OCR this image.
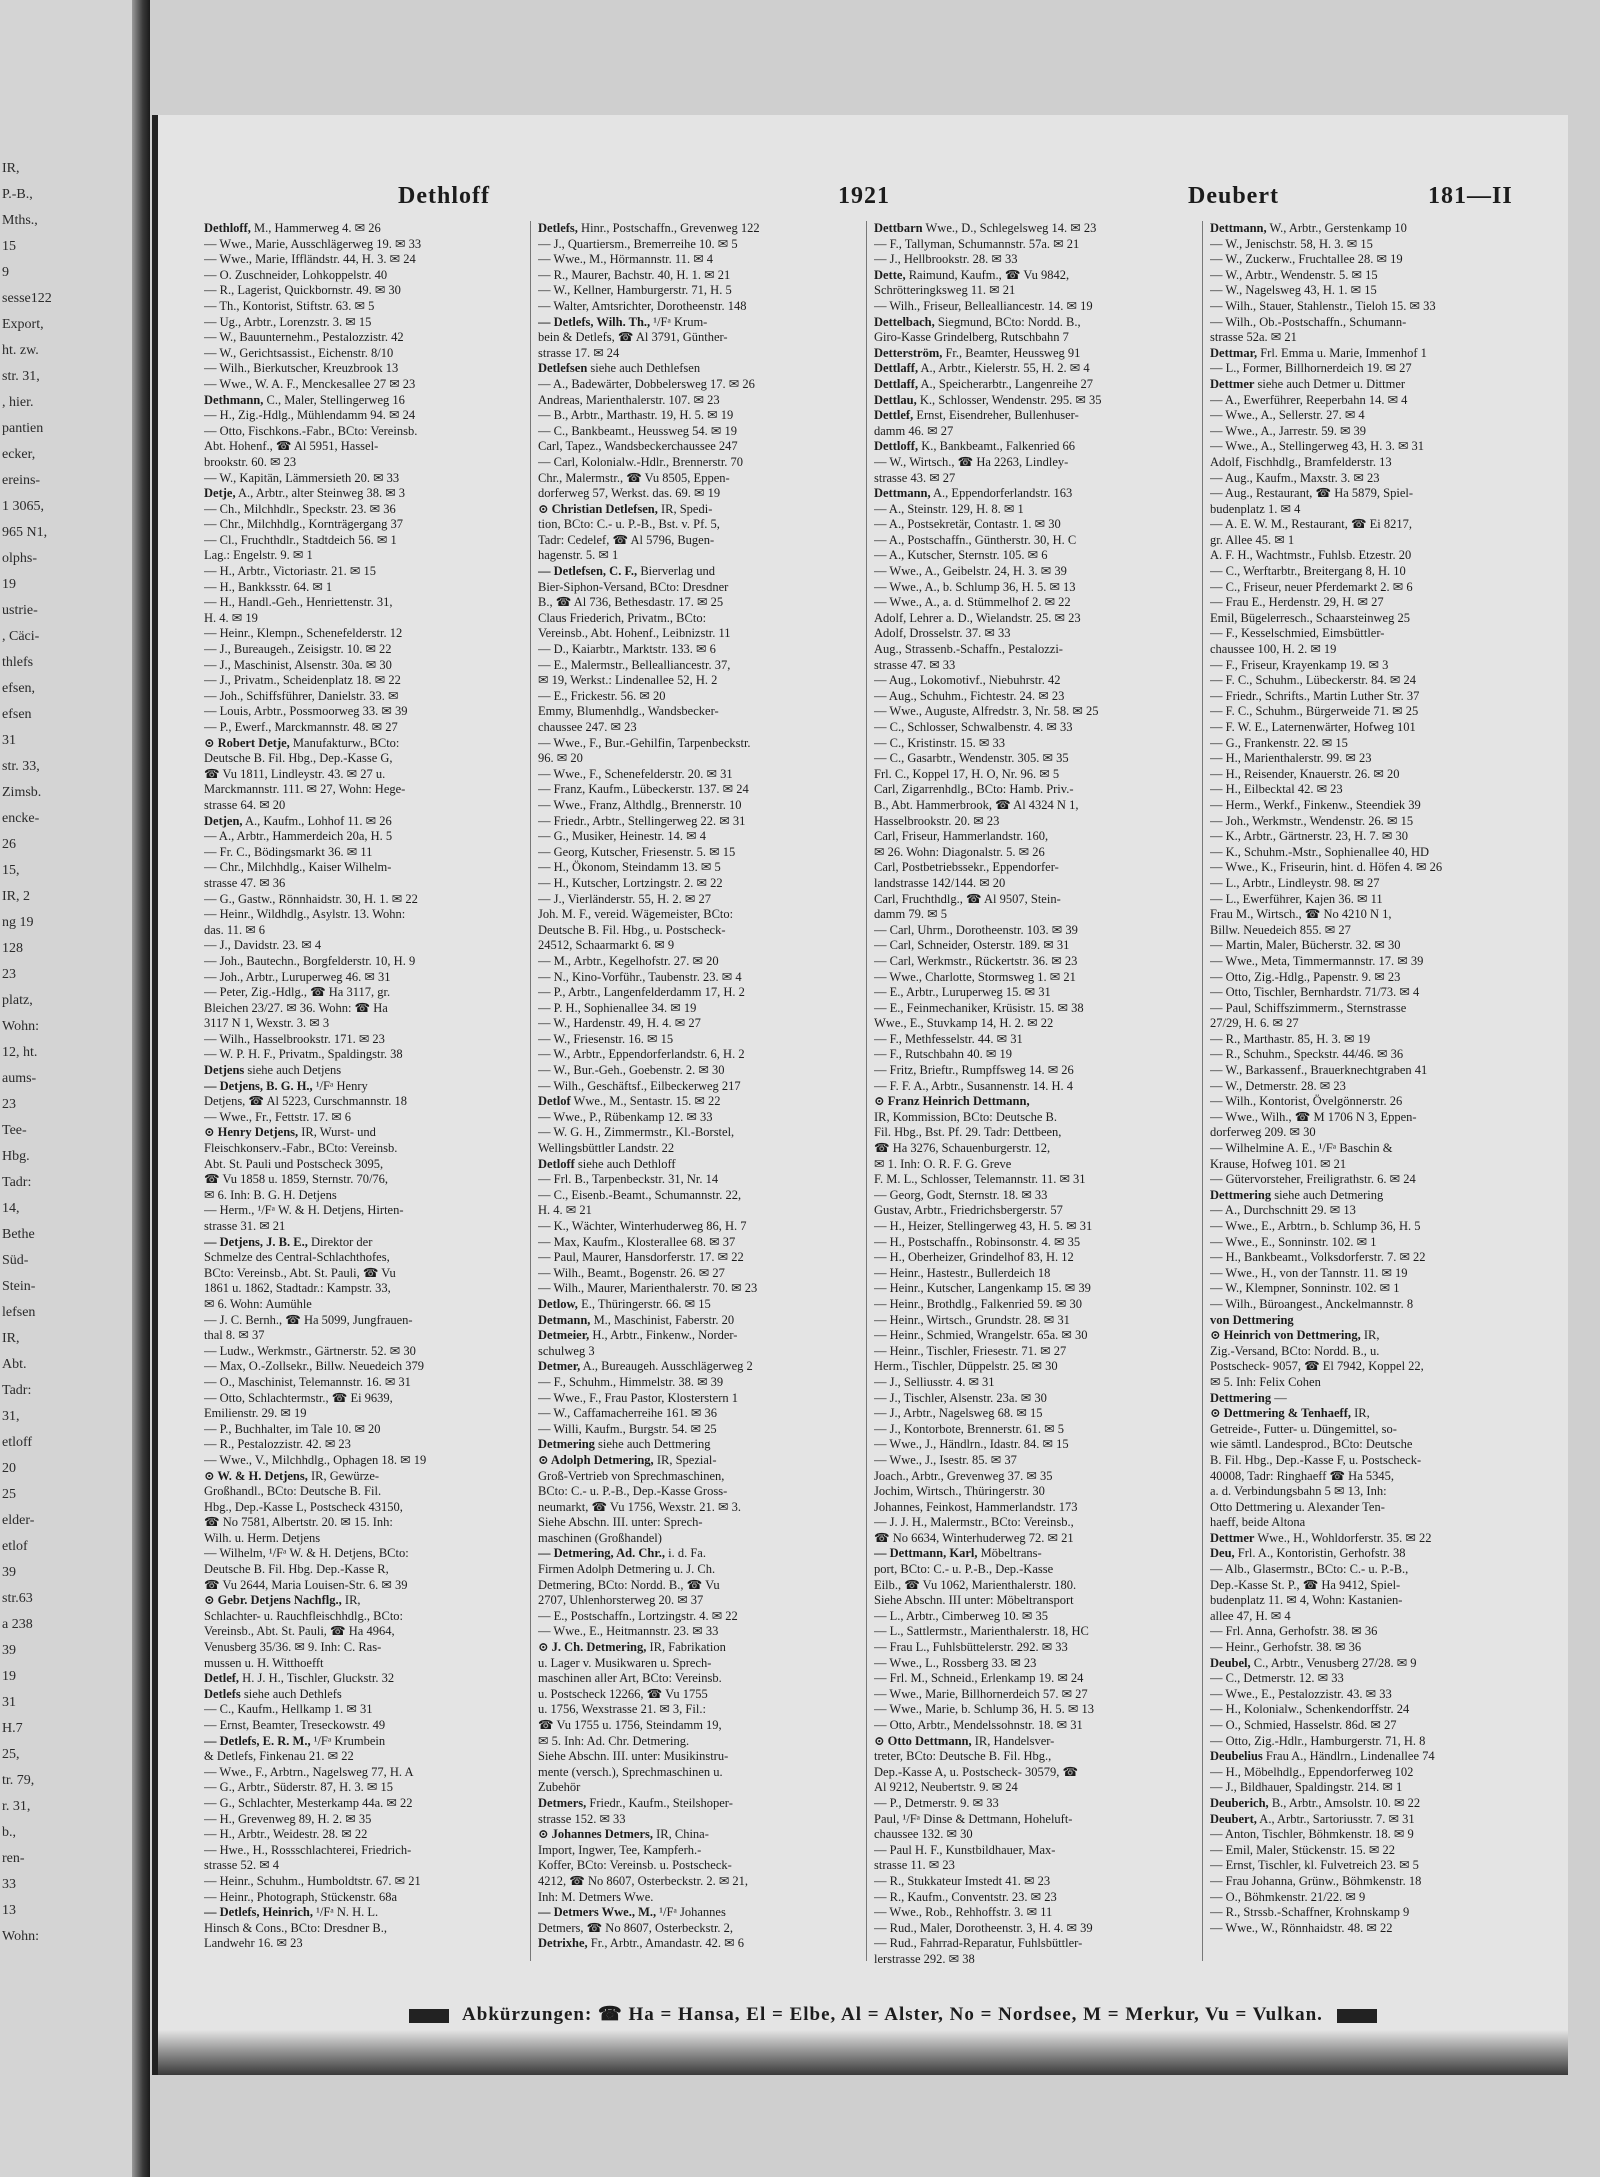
IR,
P.-B.,
Mths.,
15
9
sesse122
Export,
ht. zw.
str. 31,
, hier.
pantien
ecker,
ereins-
1 3065,
965 N1,
olphs-
19
ustrie-
, Cäci-
thlefs
efsen,
efsen
31
str. 33,
Zimsb.
encke-
26
15,
IR, 2
ng 19
128
23
platz,
Wohn:
12, ht.
aums-
23
Tee-
Hbg.
Tadr:
14,
Bethe
Süd-
Stein-
lefsen
IR,
Abt.
Tadr:
31,
etloff
20
25
elder-
etlof
39
str.63
a 238
39
19
31
H.7
25,
tr. 79,
r. 31,
b.,
ren-
33
13
Wohn:
Dethloff	1921	Deubert	181—II
Dethloff, M., Hammerweg 4. ✉ 26
— Wwe., Marie, Ausschlägerweg 19. ✉ 33
— Wwe., Marie, Iffländstr. 44, H. 3. ✉ 24
— O. Zuschneider, Lohkoppelstr. 40
— R., Lagerist, Quickbornstr. 49. ✉ 30
— Th., Kontorist, Stiftstr. 63. ✉ 5
— Ug., Arbtr., Lorenzstr. 3. ✉ 15
— W., Bauunternehm., Pestalozzistr. 42
— W., Gerichtsassist., Eichenstr. 8/10
— Wilh., Bierkutscher, Kreuzbrook 13
— Wwe., W. A. F., Menckesallee 27 ✉ 23
Dethmann, C., Maler, Stellingerweg 16
— H., Zig.-Hdlg., Mühlendamm 94. ✉ 24
— Otto, Fischkons.-Fabr., BCto: Vereinsb.
Abt. Hohenf., ☎ Al 5951, Hassel-
brookstr. 60. ✉ 23
— W., Kapitän, Lämmersieth 20. ✉ 33
Detje, A., Arbtr., alter Steinweg 38. ✉ 3
— Ch., Milchhdlr., Speckstr. 23. ✉ 36
— Chr., Milchhdlg., Kornträgergang 37
— Cl., Fruchthdlr., Stadtdeich 56. ✉ 1
Lag.: Engelstr. 9. ✉ 1
— H., Arbtr., Victoriastr. 21. ✉ 15
— H., Bankksstr. 64. ✉ 1
— H., Handl.-Geh., Henriettenstr. 31,
H. 4. ✉ 19
— Heinr., Klempn., Schenefelderstr. 12
— J., Bureaugeh., Zeisigstr. 10. ✉ 22
— J., Maschinist, Alsenstr. 30a. ✉ 30
— J., Privatm., Scheidenplatz 18. ✉ 22
— Joh., Schiffsführer, Danielstr. 33. ✉
— Louis, Arbtr., Possmoorweg 33. ✉ 39
— P., Ewerf., Marckmannstr. 48. ✉ 27
⊙ Robert Detje, Manufakturw., BCto:
Deutsche B. Fil. Hbg., Dep.-Kasse G,
☎ Vu 1811, Lindleystr. 43. ✉ 27 u.
Marckmannstr. 111. ✉ 27, Wohn: Hege-
strasse 64. ✉ 20
Detjen, A., Kaufm., Lohhof 11. ✉ 26
— A., Arbtr., Hammerdeich 20a, H. 5
— Fr. C., Bödingsmarkt 36. ✉ 11
— Chr., Milchhdlg., Kaiser Wilhelm-
strasse 47. ✉ 36
— G., Gastw., Rönnhaidstr. 30, H. 1. ✉ 22
— Heinr., Wildhdlg., Asylstr. 13. Wohn:
das. 11. ✉ 6
— J., Davidstr. 23. ✉ 4
— Joh., Bautechn., Borgfelderstr. 10, H. 9
— Joh., Arbtr., Luruperweg 46. ✉ 31
— Peter, Zig.-Hdlg., ☎ Ha 3117, gr.
Bleichen 23/27. ✉ 36. Wohn: ☎ Ha
3117 N 1, Wexstr. 3. ✉ 3
— Wilh., Hasselbrookstr. 171. ✉ 23
— W. P. H. F., Privatm., Spaldingstr. 38
Detjens siehe auch Detjens
— Detjens, B. G. H., ¹/Fᵃ Henry
Detjens, ☎ Al 5223, Curschmannstr. 18
— Wwe., Fr., Fettstr. 17. ✉ 6
⊙ Henry Detjens, IR, Wurst- und
Fleischkonserv.-Fabr., BCto: Vereinsb.
Abt. St. Pauli und Postscheck 3095,
☎ Vu 1858 u. 1859, Sternstr. 70/76,
✉ 6. Inh: B. G. H. Detjens
— Herm., ¹/Fᵃ W. & H. Detjens, Hirten-
strasse 31. ✉ 21
— Detjens, J. B. E., Direktor der
Schmelze des Central-Schlachthofes,
BCto: Vereinsb., Abt. St. Pauli, ☎ Vu
1861 u. 1862, Stadtadr.: Kampstr. 33,
✉ 6. Wohn: Aumühle
— J. C. Bernh., ☎ Ha 5099, Jungfrauen-
thal 8. ✉ 37
— Ludw., Werkmstr., Gärtnerstr. 52. ✉ 30
— Max, O.-Zollsekr., Billw. Neuedeich 379
— O., Maschinist, Telemannstr. 16. ✉ 31
— Otto, Schlachtermstr., ☎ Ei 9639,
Emilienstr. 29. ✉ 19
— P., Buchhalter, im Tale 10. ✉ 20
— R., Pestalozzistr. 42. ✉ 23
— Wwe., V., Milchhdlg., Ophagen 18. ✉ 19
⊙ W. & H. Detjens, IR, Gewürze-
Großhandl., BCto: Deutsche B. Fil.
Hbg., Dep.-Kasse L, Postscheck 43150,
☎ No 7581, Albertstr. 20. ✉ 15. Inh:
Wilh. u. Herm. Detjens
— Wilhelm, ¹/Fᵃ W. & H. Detjens, BCto:
Deutsche B. Fil. Hbg. Dep.-Kasse R,
☎ Vu 2644, Maria Louisen-Str. 6. ✉ 39
⊙ Gebr. Detjens Nachflg., IR,
Schlachter- u. Rauchfleischhdlg., BCto:
Vereinsb., Abt. St. Pauli, ☎ Ha 4964,
Venusberg 35/36. ✉ 9. Inh: C. Ras-
mussen u. H. Witthoefft
Detlef, H. J. H., Tischler, Gluckstr. 32
Detlefs siehe auch Dethlefs
— C., Kaufm., Hellkamp 1. ✉ 31
— Ernst, Beamter, Treseckowstr. 49
— Detlefs, E. R. M., ¹/Fᵃ Krumbein
& Detlefs, Finkenau 21. ✉ 22
— Wwe., F., Arbtrn., Nagelsweg 77, H. A
— G., Arbtr., Süderstr. 87, H. 3. ✉ 15
— G., Schlachter, Mesterkamp 44a. ✉ 22
— H., Grevenweg 89, H. 2. ✉ 35
— H., Arbtr., Weidestr. 28. ✉ 22
— Hwe., H., Rossschlachterei, Friedrich-
strasse 52. ✉ 4
— Heinr., Schuhm., Humboldtstr. 67. ✉ 21
— Heinr., Photograph, Stückenstr. 68a
— Detlefs, Heinrich, ¹/Fᵃ N. H. L.
Hinsch & Cons., BCto: Dresdner B.,
Landwehr 16. ✉ 23
Detlefs, Hinr., Postschaffn., Grevenweg 122
— J., Quartiersm., Bremerreihe 10. ✉ 5
— Wwe., M., Hörmannstr. 11. ✉ 4
— R., Maurer, Bachstr. 40, H. 1. ✉ 21
— W., Kellner, Hamburgerstr. 71, H. 5
— Walter, Amtsrichter, Dorotheenstr. 148
— Detlefs, Wilh. Th., ¹/Fᵃ Krum-
bein & Detlefs, ☎ Al 3791, Günther-
strasse 17. ✉ 24
Detlefsen siehe auch Dethlefsen
— A., Badewärter, Dobbelersweg 17. ✉ 26
Andreas, Marienthalerstr. 107. ✉ 23
— B., Arbtr., Marthastr. 19, H. 5. ✉ 19
— C., Bankbeamt., Heussweg 54. ✉ 19
Carl, Tapez., Wandsbeckerchaussee 247
— Carl, Kolonialw.-Hdlr., Brennerstr. 70
Chr., Malermstr., ☎ Vu 8505, Eppen-
dorferweg 57, Werkst. das. 69. ✉ 19
⊙ Christian Detlefsen, IR, Spedi-
tion, BCto: C.- u. P.-B., Bst. v. Pf. 5,
Tadr: Cedelef, ☎ Al 5796, Bugen-
hagenstr. 5. ✉ 1
— Detlefsen, C. F., Bierverlag und
Bier-Siphon-Versand, BCto: Dresdner
B., ☎ Al 736, Bethesdastr. 17. ✉ 25
Claus Friederich, Privatm., BCto:
Vereinsb., Abt. Hohenf., Leibnizstr. 11
— D., Kaiarbtr., Marktstr. 133. ✉ 6
— E., Malermstr., Bellealliancestr. 37,
✉ 19, Werkst.: Lindenallee 52, H. 2
— E., Frickestr. 56. ✉ 20
Emmy, Blumenhdlg., Wandsbecker-
chaussee 247. ✉ 23
— Wwe., F., Bur.-Gehilfin, Tarpenbeckstr.
96. ✉ 20
— Wwe., F., Schenefelderstr. 20. ✉ 31
— Franz, Kaufm., Lübeckerstr. 137. ✉ 24
— Wwe., Franz, Althdlg., Brennerstr. 10
— Friedr., Arbtr., Stellingerweg 22. ✉ 31
— G., Musiker, Heinestr. 14. ✉ 4
— Georg, Kutscher, Friesenstr. 5. ✉ 15
— H., Ökonom, Steindamm 13. ✉ 5
— H., Kutscher, Lortzingstr. 2. ✉ 22
— J., Vierländerstr. 55, H. 2. ✉ 27
Joh. M. F., vereid. Wägemeister, BCto:
Deutsche B. Fil. Hbg., u. Postscheck-
24512, Schaarmarkt 6. ✉ 9
— M., Arbtr., Kegelhofstr. 27. ✉ 20
— N., Kino-Vorführ., Taubenstr. 23. ✉ 4
— P., Arbtr., Langenfelderdamm 17, H. 2
— P. H., Sophienallee 34. ✉ 19
— W., Hardenstr. 49, H. 4. ✉ 27
— W., Friesenstr. 16. ✉ 15
— W., Arbtr., Eppendorferlandstr. 6, H. 2
— W., Bur.-Geh., Goebenstr. 2. ✉ 30
— Wilh., Geschäftsf., Eilbeckerweg 217
Detlof Wwe., M., Sentastr. 15. ✉ 22
— Wwe., P., Rübenkamp 12. ✉ 33
— W. G. H., Zimmermstr., Kl.-Borstel,
Wellingsbüttler Landstr. 22
Detloff siehe auch Dethloff
— Frl. B., Tarpenbeckstr. 31, Nr. 14
— C., Eisenb.-Beamt., Schumannstr. 22,
H. 4. ✉ 21
— K., Wächter, Winterhuderweg 86, H. 7
— Max, Kaufm., Klosterallee 68. ✉ 37
— Paul, Maurer, Hansdorferstr. 17. ✉ 22
— Wilh., Beamt., Bogenstr. 26. ✉ 27
— Wilh., Maurer, Marienthalerstr. 70. ✉ 23
Detlow, E., Thüringerstr. 66. ✉ 15
Detmann, M., Maschinist, Faberstr. 20
Detmeier, H., Arbtr., Finkenw., Norder-
schulweg 3
Detmer, A., Bureaugeh. Ausschlägerweg 2
— F., Schuhm., Himmelstr. 38. ✉ 39
— Wwe., F., Frau Pastor, Klosterstern 1
— W., Caffamacherreihe 161. ✉ 36
— Willi, Kaufm., Burgstr. 54. ✉ 25
Detmering siehe auch Dettmering
⊙ Adolph Detmering, IR, Spezial-
Groß-Vertrieb von Sprechmaschinen,
BCto: C.- u. P.-B., Dep.-Kasse Gross-
neumarkt, ☎ Vu 1756, Wexstr. 21. ✉ 3.
Siehe Abschn. III. unter: Sprech-
maschinen (Großhandel)
— Detmering, Ad. Chr., i. d. Fa.
Firmen Adolph Detmering u. J. Ch.
Detmering, BCto: Nordd. B., ☎ Vu
2707, Uhlenhorsterweg 20. ✉ 37
— E., Postschaffn., Lortzingstr. 4. ✉ 22
— Wwe., E., Heitmannstr. 23. ✉ 33
⊙ J. Ch. Detmering, IR, Fabrikation
u. Lager v. Musikwaren u. Sprech-
maschinen aller Art, BCto: Vereinsb.
u. Postscheck 12266, ☎ Vu 1755
u. 1756, Wexstrasse 21. ✉ 3, Fil.:
☎ Vu 1755 u. 1756, Steindamm 19,
✉ 5. Inh: Ad. Chr. Detmering.
Siehe Abschn. III. unter: Musikinstru-
mente (versch.), Sprechmaschinen u.
Zubehör
Detmers, Friedr., Kaufm., Steilshoper-
strasse 152. ✉ 33
⊙ Johannes Detmers, IR, China-
Import, Ingwer, Tee, Kampferh.-
Koffer, BCto: Vereinsb. u. Postscheck-
4212, ☎ No 8607, Osterbeckstr. 2. ✉ 21,
Inh: M. Detmers Wwe.
— Detmers Wwe., M., ¹/Fᵃ Johannes
Detmers, ☎ No 8607, Osterbeckstr. 2,
Detrixhe, Fr., Arbtr., Amandastr. 42. ✉ 6
Dettbarn Wwe., D., Schlegelsweg 14. ✉ 23
— F., Tallyman, Schumannstr. 57a. ✉ 21
— J., Hellbrookstr. 28. ✉ 33
Dette, Raimund, Kaufm., ☎ Vu 9842,
Schrötteringksweg 11. ✉ 21
— Wilh., Friseur, Bellealliancestr. 14. ✉ 19
Dettelbach, Siegmund, BCto: Nordd. B.,
Giro-Kasse Grindelberg, Rutschbahn 7
Detterström, Fr., Beamter, Heussweg 91
Dettlaff, A., Arbtr., Kielerstr. 55, H. 2. ✉ 4
Dettlaff, A., Speicherarbtr., Langenreihe 27
Dettlau, K., Schlosser, Wendenstr. 295. ✉ 35
Dettlef, Ernst, Eisendreher, Bullenhuser-
damm 46. ✉ 27
Dettloff, K., Bankbeamt., Falkenried 66
— W., Wirtsch., ☎ Ha 2263, Lindley-
strasse 43. ✉ 27
Dettmann, A., Eppendorferlandstr. 163
— A., Steinstr. 129, H. 8. ✉ 1
— A., Postsekretär, Contastr. 1. ✉ 30
— A., Postschaffn., Güntherstr. 30, H. C
— A., Kutscher, Sternstr. 105. ✉ 6
— Wwe., A., Geibelstr. 24, H. 3. ✉ 39
— Wwe., A., b. Schlump 36, H. 5. ✉ 13
— Wwe., A., a. d. Stümmelhof 2. ✉ 22
Adolf, Lehrer a. D., Wielandstr. 25. ✉ 23
Adolf, Drosselstr. 37. ✉ 33
Aug., Strassenb.-Schaffn., Pestalozzi-
strasse 47. ✉ 33
— Aug., Lokomotivf., Niebuhrstr. 42
— Aug., Schuhm., Fichtestr. 24. ✉ 23
— Wwe., Auguste, Alfredstr. 3, Nr. 58. ✉ 25
— C., Schlosser, Schwalbenstr. 4. ✉ 33
— C., Kristinstr. 15. ✉ 33
— C., Gasarbtr., Wendenstr. 305. ✉ 35
Frl. C., Koppel 17, H. O, Nr. 96. ✉ 5
Carl, Zigarrenhdlg., BCto: Hamb. Priv.-
B., Abt. Hammerbrook, ☎ Al 4324 N 1,
Hasselbrookstr. 20. ✉ 23
Carl, Friseur, Hammerlandstr. 160,
✉ 26. Wohn: Diagonalstr. 5. ✉ 26
Carl, Postbetriebssekr., Eppendorfer-
landstrasse 142/144. ✉ 20
Carl, Fruchthdlg., ☎ Al 9507, Stein-
damm 79. ✉ 5
— Carl, Uhrm., Dorotheenstr. 103. ✉ 39
— Carl, Schneider, Osterstr. 189. ✉ 31
— Carl, Werkmstr., Rückertstr. 36. ✉ 23
— Wwe., Charlotte, Stormsweg 1. ✉ 21
— E., Arbtr., Luruperweg 15. ✉ 31
— E., Feinmechaniker, Krüsistr. 15. ✉ 38
Wwe., E., Stuvkamp 14, H. 2. ✉ 22
— F., Methfesselstr. 44. ✉ 31
— F., Rutschbahn 40. ✉ 19
— Fritz, Brieftr., Rumpffsweg 14. ✉ 26
— F. F. A., Arbtr., Susannenstr. 14. H. 4
⊙ Franz Heinrich Dettmann,
IR, Kommission, BCto: Deutsche B.
Fil. Hbg., Bst. Pf. 29. Tadr: Dettbeen,
☎ Ha 3276, Schauenburgerstr. 12,
✉ 1. Inh: O. R. F. G. Greve
F. M. L., Schlosser, Telemannstr. 11. ✉ 31
— Georg, Godt, Sternstr. 18. ✉ 33
Gustav, Arbtr., Friedrichsbergerstr. 57
— H., Heizer, Stellingerweg 43, H. 5. ✉ 31
— H., Postschaffn., Robinsonstr. 4. ✉ 35
— H., Oberheizer, Grindelhof 83, H. 12
— Heinr., Hastestr., Bullerdeich 18
— Heinr., Kutscher, Langenkamp 15. ✉ 39
— Heinr., Brothdlg., Falkenried 59. ✉ 30
— Heinr., Wirtsch., Grundstr. 28. ✉ 31
— Heinr., Schmied, Wrangelstr. 65a. ✉ 30
— Heinr., Tischler, Friesestr. 71. ✉ 27
Herm., Tischler, Düppelstr. 25. ✉ 30
— J., Selliusstr. 4. ✉ 31
— J., Tischler, Alsenstr. 23a. ✉ 30
— J., Arbtr., Nagelsweg 68. ✉ 15
— J., Kontorbote, Brennerstr. 61. ✉ 5
— Wwe., J., Händlrn., Idastr. 84. ✉ 15
— Wwe., J., Isestr. 85. ✉ 37
Joach., Arbtr., Grevenweg 37. ✉ 35
Jochim, Wirtsch., Thüringerstr. 30
Johannes, Feinkost, Hammerlandstr. 173
— J. J. H., Malermstr., BCto: Vereinsb.,
☎ No 6634, Winterhuderweg 72. ✉ 21
— Dettmann, Karl, Möbeltrans-
port, BCto: C.- u. P.-B., Dep.-Kasse
Eilb., ☎ Vu 1062, Marienthalerstr. 180.
Siehe Abschn. III unter: Möbeltransport
— L., Arbtr., Cimberweg 10. ✉ 35
— L., Sattlermstr., Marienthalerstr. 18, HC
— Frau L., Fuhlsbüttelerstr. 292. ✉ 33
— Wwe., L., Rossberg 33. ✉ 23
— Frl. M., Schneid., Erlenkamp 19. ✉ 24
— Wwe., Marie, Billhornerdeich 57. ✉ 27
— Wwe., Marie, b. Schlump 36, H. 5. ✉ 13
— Otto, Arbtr., Mendelssohnstr. 18. ✉ 31
⊙ Otto Dettmann, IR, Handelsver-
treter, BCto: Deutsche B. Fil. Hbg.,
Dep.-Kasse A, u. Postscheck- 30579, ☎
Al 9212, Neubertstr. 9. ✉ 24
— P., Detmerstr. 9. ✉ 33
Paul, ¹/Fᵃ Dinse & Dettmann, Hoheluft-
chaussee 132. ✉ 30
— Paul H. F., Kunstbildhauer, Max-
strasse 11. ✉ 23
— R., Stukkateur Imstedt 41. ✉ 23
— R., Kaufm., Conventstr. 23. ✉ 23
— Wwe., Rob., Rehhoffstr. 3. ✉ 11
— Rud., Maler, Dorotheenstr. 3, H. 4. ✉ 39
— Rud., Fahrrad-Reparatur, Fuhlsbüttler-
lerstrasse 292. ✉ 38
Dettmann, W., Arbtr., Gerstenkamp 10
— W., Jenischstr. 58, H. 3. ✉ 15
— W., Zuckerw., Fruchtallee 28. ✉ 19
— W., Arbtr., Wendenstr. 5. ✉ 15
— W., Nagelsweg 43, H. 1. ✉ 15
— Wilh., Stauer, Stahlenstr., Tieloh 15. ✉ 33
— Wilh., Ob.-Postschaffn., Schumann-
strasse 52a. ✉ 21
Dettmar, Frl. Emma u. Marie, Immenhof 1
— L., Former, Billhornerdeich 19. ✉ 27
Dettmer siehe auch Detmer u. Dittmer
— A., Ewerführer, Reeperbahn 14. ✉ 4
— Wwe., A., Sellerstr. 27. ✉ 4
— Wwe., A., Jarrestr. 59. ✉ 39
— Wwe., A., Stellingerweg 43, H. 3. ✉ 31
Adolf, Fischhdlg., Bramfelderstr. 13
— Aug., Kaufm., Maxstr. 3. ✉ 23
— Aug., Restaurant, ☎ Ha 5879, Spiel-
budenplatz 1. ✉ 4
— A. E. W. M., Restaurant, ☎ Ei 8217,
gr. Allee 45. ✉ 1
A. F. H., Wachtmstr., Fuhlsb. Etzestr. 20
— C., Werftarbtr., Breitergang 8, H. 10
— C., Friseur, neuer Pferdemarkt 2. ✉ 6
— Frau E., Herdenstr. 29, H. ✉ 27
Emil, Bügelerresch., Schaarsteinweg 25
— F., Kesselschmied, Eimsbüttler-
chaussee 100, H. 2. ✉ 19
— F., Friseur, Krayenkamp 19. ✉ 3
— F. C., Schuhm., Lübeckerstr. 84. ✉ 24
— Friedr., Schrifts., Martin Luther Str. 37
— F. C., Schuhm., Bürgerweide 71. ✉ 25
— F. W. E., Laternenwärter, Hofweg 101
— G., Frankenstr. 22. ✉ 15
— H., Marienthalerstr. 99. ✉ 23
— H., Reisender, Knauerstr. 26. ✉ 20
— H., Eilbecktal 42. ✉ 23
— Herm., Werkf., Finkenw., Steendiek 39
— Joh., Werkmstr., Wendenstr. 26. ✉ 15
— K., Arbtr., Gärtnerstr. 23, H. 7. ✉ 30
— K., Schuhm.-Mstr., Sophienallee 40, HD
— Wwe., K., Friseurin, hint. d. Höfen 4. ✉ 26
— L., Arbtr., Lindleystr. 98. ✉ 27
— L., Ewerführer, Kajen 36. ✉ 11
Frau M., Wirtsch., ☎ No 4210 N 1,
Billw. Neuedeich 855. ✉ 27
— Martin, Maler, Bücherstr. 32. ✉ 30
— Wwe., Meta, Timmermannstr. 17. ✉ 39
— Otto, Zig.-Hdlg., Papenstr. 9. ✉ 23
— Otto, Tischler, Bernhardstr. 71/73. ✉ 4
— Paul, Schiffszimmerm., Sternstrasse
27/29, H. 6. ✉ 27
— R., Marthastr. 85, H. 3. ✉ 19
— R., Schuhm., Speckstr. 44/46. ✉ 36
— W., Barkassenf., Brauerknechtgraben 41
— W., Detmerstr. 28. ✉ 23
— Wilh., Kontorist, Övelgönnerstr. 26
— Wwe., Wilh., ☎ M 1706 N 3, Eppen-
dorferweg 209. ✉ 30
— Wilhelmine A. E., ¹/Fᵃ Baschin &
Krause, Hofweg 101. ✉ 21
— Gütervorsteher, Freiligrathstr. 6. ✉ 24
Dettmering siehe auch Detmering
— A., Durchschnitt 29. ✉ 13
— Wwe., E., Arbtrn., b. Schlump 36, H. 5
— Wwe., E., Sonninstr. 102. ✉ 1
— H., Bankbeamt., Volksdorferstr. 7. ✉ 22
— Wwe., H., von der Tannstr. 11. ✉ 19
— W., Klempner, Sonninstr. 102. ✉ 1
— Wilh., Büroangest., Anckelmannstr. 8
von Dettmering
⊙ Heinrich von Dettmering, IR,
Zig.-Versand, BCto: Nordd. B., u.
Postscheck- 9057, ☎ El 7942, Koppel 22,
✉ 5. Inh: Felix Cohen
Dettmering —
⊙ Dettmering & Tenhaeff, IR,
Getreide-, Futter- u. Düngemittel, so-
wie sämtl. Landesprod., BCto: Deutsche
B. Fil. Hbg., Dep.-Kasse F, u. Postscheck-
40008, Tadr: Ringhaeff ☎ Ha 5345,
a. d. Verbindungsbahn 5 ✉ 13, Inh:
Otto Dettmering u. Alexander Ten-
haeff, beide Altona
Dettmer Wwe., H., Wohldorferstr. 35. ✉ 22
Deu, Frl. A., Kontoristin, Gerhofstr. 38
— Alb., Glasermstr., BCto: C.- u. P.-B.,
Dep.-Kasse St. P., ☎ Ha 9412, Spiel-
budenplatz 11. ✉ 4, Wohn: Kastanien-
allee 47, H. ✉ 4
— Frl. Anna, Gerhofstr. 38. ✉ 36
— Heinr., Gerhofstr. 38. ✉ 36
Deubel, C., Arbtr., Venusberg 27/28. ✉ 9
— C., Detmerstr. 12. ✉ 33
— Wwe., E., Pestalozzistr. 43. ✉ 33
— H., Kolonialw., Schenkendorffstr. 24
— O., Schmied, Hasselstr. 86d. ✉ 27
— Otto, Zig.-Hdlr., Hamburgerstr. 71, H. 8
Deubelius Frau A., Händlrn., Lindenallee 74
— H., Möbelhdlg., Eppendorferweg 102
— J., Bildhauer, Spaldingstr. 214. ✉ 1
Deuberich, B., Arbtr., Amsolstr. 10. ✉ 22
Deubert, A., Arbtr., Sartoriusstr. 7. ✉ 31
— Anton, Tischler, Böhmkenstr. 18. ✉ 9
— Emil, Maler, Stückenstr. 15. ✉ 22
— Ernst, Tischler, kl. Fulvetreich 23. ✉ 5
— Frau Johanna, Grünw., Böhmkenstr. 18
— O., Böhmkenstr. 21/22. ✉ 9
— R., Strssb.-Schaffner, Krohnskamp 9
— Wwe., W., Rönnhaidstr. 48. ✉ 22
Abkürzungen: ☎ Ha = Hansa, El = Elbe, Al = Alster, No = Nordsee, M = Merkur, Vu = Vulkan.
